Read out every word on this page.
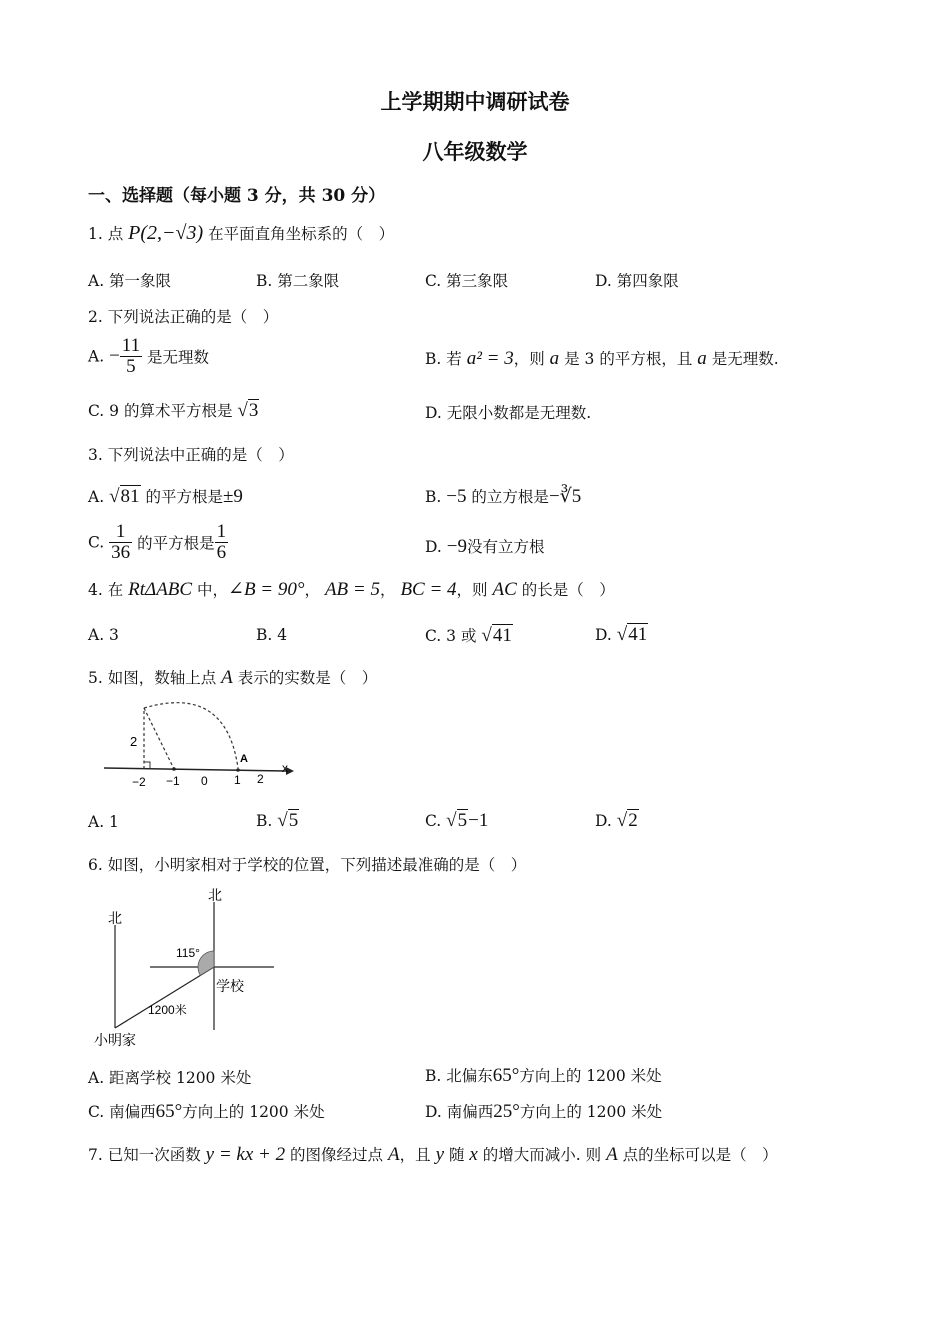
上学期期中调研试卷
八年级数学
一、选择题（每小题 3 分，共 30 分）
1. 点 P(2,−√3) 在平面直角坐标系的（　）
A. 第一象限	B. 第二象限	C. 第三象限	D. 第四象限
2. 下列说法正确的是（　）
A. − $\frac{11}{5}$ 是无理数	B. 若 a² = 3，则 a 是 3 的平方根，且 a 是无理数.
C. 9 的算术平方根是 √3	D. 无限小数都是无理数.
3. 下列说法中正确的是（　）
A. √81 的平方根是±9	B. −5 的立方根是−∛5
C. $\frac{1}{36}$ 的平方根是 $\frac{1}{6}$	D. −9没有立方根
4. 在 RtΔABC 中，∠B = 90°， AB = 5， BC = 4，则 AC 的长是（　）
A. 3	B. 4	C. 3 或 √41	D. √41
5. 如图，数轴上点 A 表示的实数是（　）
2
A
x
−2 −1 0 1 2
A. 1	B. √5	C. √5−1	D. √2
6. 如图，小明家相对于学校的位置，下列描述最准确的是（　）
北
北
115°
学校
1200米
小明家
A. 距离学校 1200 米处	B. 北偏东65°方向上的 1200 米处
C. 南偏西65°方向上的 1200 米处	D. 南偏西25°方向上的 1200 米处
7. 已知一次函数 y = kx + 2 的图像经过点 A，且 y 随 x 的增大而减小. 则 A 点的坐标可以是（　）
